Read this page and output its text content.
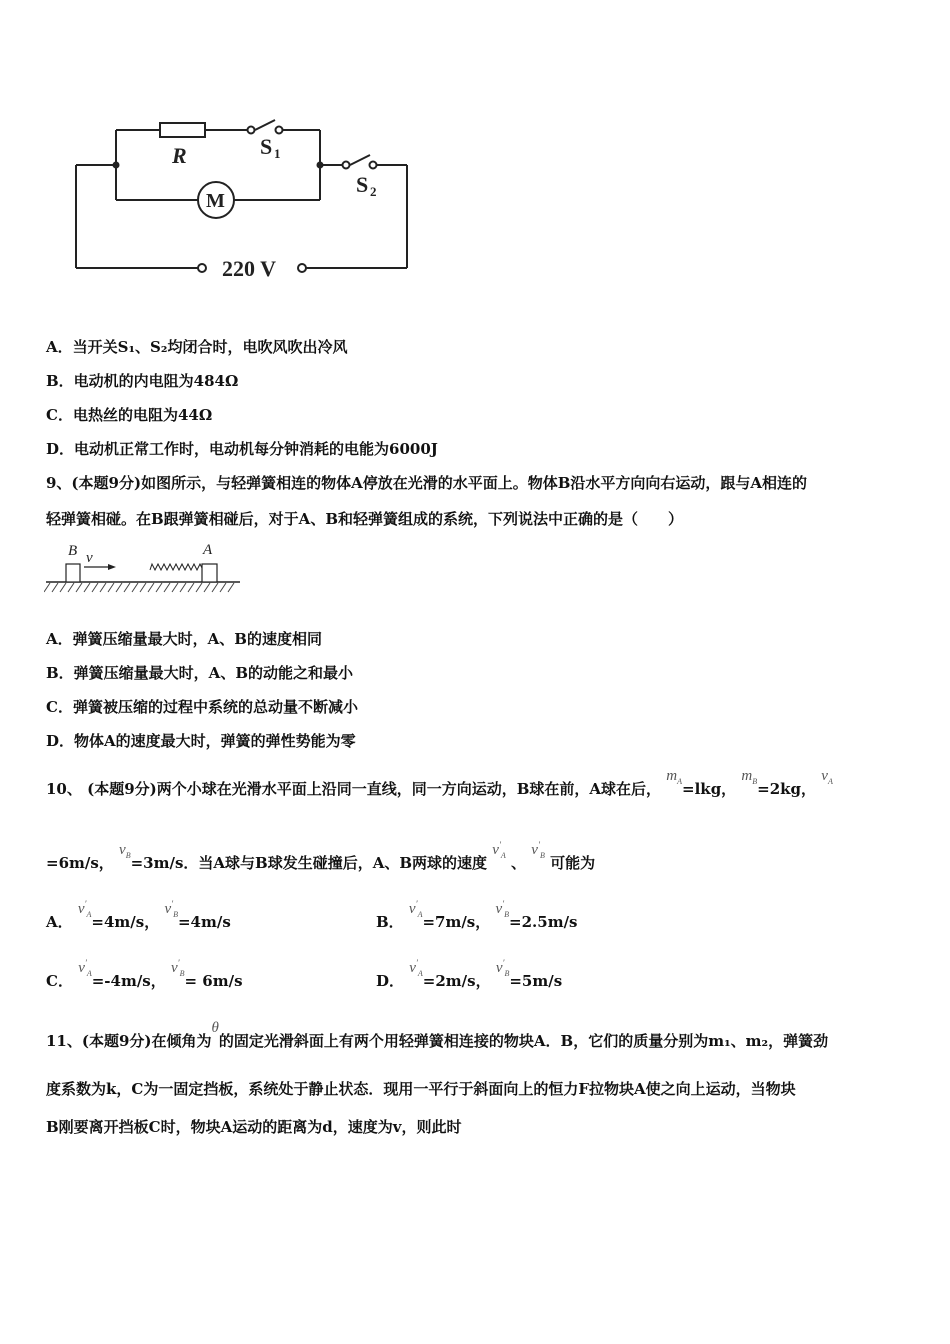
R	S 1
S 2
M
220 V
A．当开关S₁、S₂均闭合时，电吹风吹出冷风
B．电动机的内电阻为484Ω
C．电热丝的电阻为44Ω
D．电动机正常工作时，电动机每分钟消耗的电能为6000J
9、(本题9分)如图所示，与轻弹簧相连的物体A停放在光滑的水平面上。物体B沿水平方向向右运动，跟与A相连的
轻弹簧相碰。在B跟弹簧相碰后，对于A、B和轻弹簧组成的系统，下列说法中正确的是（　　）
B v	A
A．弹簧压缩量最大时，A、B的速度相同
B．弹簧压缩量最大时，A、B的动能之和最小
C．弹簧被压缩的过程中系统的总动量不断减小
D．物体A的速度最大时，弹簧的弹性势能为零
10、 (本题9分)两个小球在光滑水平面上沿同一直线，同一方向运动，B球在前，A球在后， $m_A=lkg$， $m_B=2kg$， $v_A$
=6m/s， $v_B=3m/s$．当A球与B球发生碰撞后，A、B两球的速度 $v'_A$ 、 $v'_B$ 可能为
A． $v'_A=4m/s$， $v'_B=4m/s$	B． $v'_A=7m/s$， $v'_B=2.5m/s$
C． $v'_A=-4m/s$， $v'_B= 6m/s$	D． $v'_A=2m/s$， $v'_B=5m/s$
11、(本题9分)在倾角为θ的固定光滑斜面上有两个用轻弹簧相连接的物块A．B，它们的质量分别为m₁、m₂，弹簧劲
度系数为k，C为一固定挡板，系统处于静止状态．现用一平行于斜面向上的恒力F拉物块A使之向上运动，当物块
B刚要离开挡板C时，物块A运动的距离为d，速度为v，则此时
